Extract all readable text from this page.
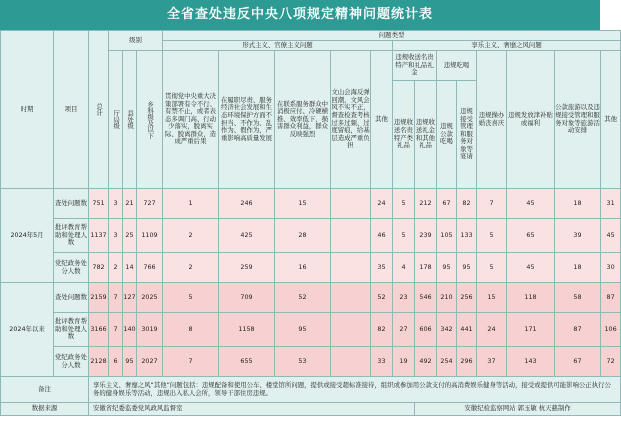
全省查处违反中央八项规定精神问题统计表
时期	项目	总计	级别			问题类型												
						形式主义、官僚主义问题					享乐主义、奢靡之风问题							

			厅局级	县处级	乡科级及以下	贯彻党中央重大决策部署有令不行、有禁不止，或者表态多调门高、行动少落实，脱离实际、脱离群众，造成严重后果	在履职尽责、服务经济社会发展和生态环境保护方面不担当、不作为、乱作为、假作为，严重影响高质量发展	在联系服务群众中消极应付、冷硬横推、效率低下，损害群众利益，群众反映强烈	文山会海反弹回潮，文风会风不实不正，督查检查考核过多过频、过度留痕，给基层造成严重负担	其他	违规收送名贵特产和礼品礼金		违规吃喝		违规操办婚丧喜庆	违规发放津补贴或福利	公款旅游以及违规接受管理和服务对象等旅游活动安排	其他
											违规收送名贵特产类礼品	违规收送礼金和其他礼品	违规公款吃喝	违规接受管理和服务对象等宴请				
2024年5月	查处问题数	751	3	21	727	1	246	15		24	5	212	67	82	7	45	18	31
	批评教育帮助和处理人数	1137	3	25	1109	2	425	28		46	5	239	105	133	5	65	39	45
	党纪政务处分人数	782	2	14	766	2	259	16		35	4	178	95	95	5	45	18	30
2024年以来	查处问题数	2159	7	127	2025	5	709	52		52	23	546	210	256	15	118	58	87
	批评教育帮助和处理人数	3166	7	140	3019	8	1158	95		82	27	606	342	441	24	171	87	106
	党纪政务处分人数	2128	6	95	2027	7	655	53		33	19	492	254	296	37	143	67	72
备注		享乐主义、奢靡之风“其他”问题包括：违规配备和使用公车、楼堂馆所问题，提供或接受超标准接待，组织或参加用公款支付的高消费娱乐健身等活动，接受或提供可能影响公正执行公务的健身娱乐等活动，违规出入私人会所，领导干部住房违规。																
数据来源		安徽省纪委监委党风政风监督室										安徽纪检监察网站 郭玉敏 杭天慈制作						
